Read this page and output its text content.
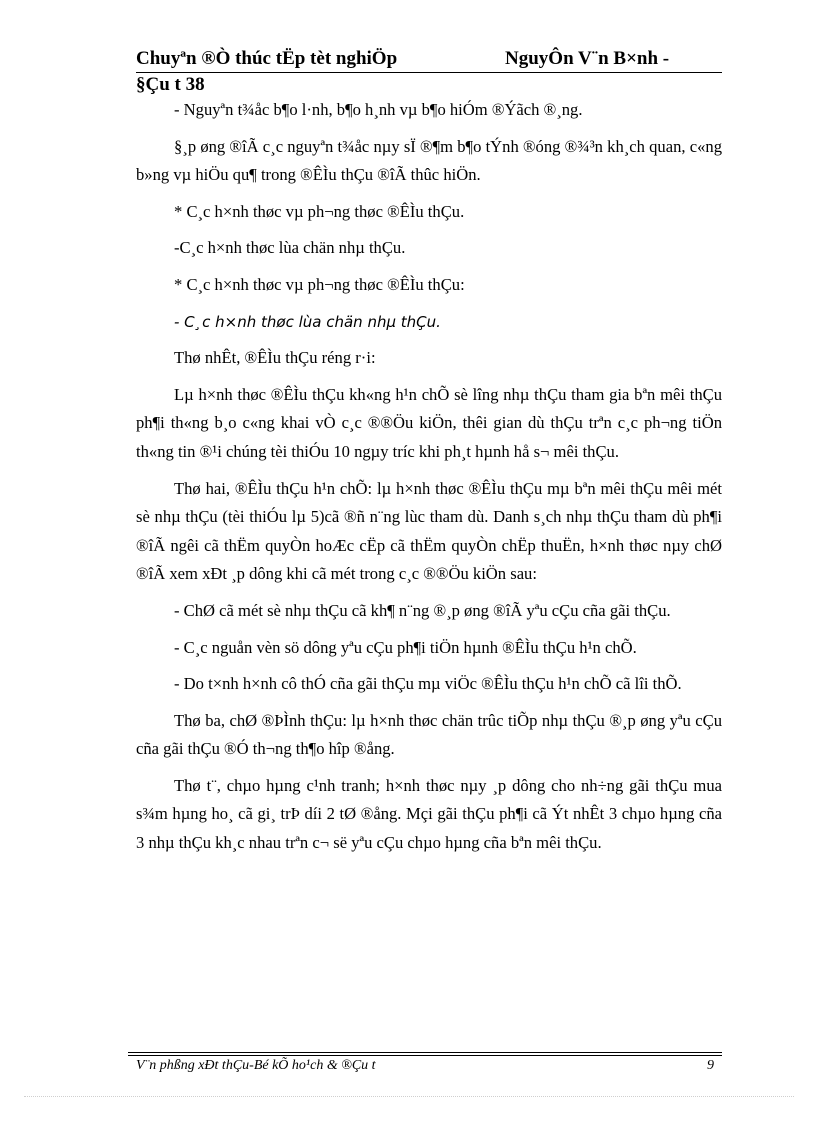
Chuyªn ®Ò thúc tËp tèt nghiÖp	NguyÔn V¨n B×nh -
§Çu t 38

- Nguyªn t¾åc b¶o l·nh, b¶o h¸nh vµ b¶o hiÓm ®Ýãch ®¸ng.

§¸p øng ®îÃ c¸c nguyªn t¾åc nµy sÏ ®¶m b¶o tÝnh ®óng ®¾³n kh¸ch quan, c«ng b»ng vµ hiÖu qu¶ trong ®ÊÌu thÇu ®îÃ thûc hiÖn.

* C¸c h×nh thøc vµ ph¬ng thøc ®ÊÌu thÇu.

-C¸c h×nh thøc lùa chän nhµ thÇu.

* C¸c h×nh thøc vµ ph¬ng thøc ®ÊÌu thÇu:

- C¸c h×nh thøc lùa chän nhµ thÇu.

Thø nhÊt, ®ÊÌu thÇu réng r·i:

Lµ h×nh thøc ®ÊÌu thÇu kh«ng h¹n chÕ sè lîng nhµ thÇu tham gia bªn mêi thÇu ph¶i th«ng b¸o c«ng khai vÒ c¸c ®®Öu kiÖn, thêi gian dù thÇu trªn c¸c ph¬ng tiÖn th«ng tin ®¹i chúng tèi thiÓu 10 ngµy tríc khi ph¸t hµnh hå s¬ mêi thÇu.

Thø hai, ®ÊÌu thÇu h¹n chÕ: lµ h×nh thøc ®ÊÌu thÇu mµ bªn mêi thÇu mêi mét sè nhµ thÇu (tèi thiÓu lµ 5)cã ®ñ n¨ng lùc tham dù. Danh s¸ch nhµ thÇu tham dù ph¶i ®îÃ ngêi cã thËm quyÒn hoÆc cËp cã thËm quyÒn chËp thuËn, h×nh thøc nµy chØ ®îÃ xem xÐt ¸p dông khi cã mét trong c¸c ®®Öu kiÖn sau:

- ChØ cã mét sè nhµ thÇu cã kh¶ n¨ng ®¸p øng ®îÃ yªu cÇu cña gãi thÇu.

- C¸c nguån vèn sö dông yªu cÇu ph¶i tiÖn hµnh ®ÊÌu thÇu h¹n chÕ.

- Do t×nh h×nh cô thÓ cña gãi thÇu mµ viÖc ®ÊÌu thÇu h¹n chÕ cã lîi thÕ.

Thø ba, chØ ®ÞÌnh thÇu: lµ h×nh thøc chän trûc tiÕp nhµ thÇu ®¸p øng yªu cÇu cña gãi thÇu ®Ó th¬ng th¶o hîp ®ång.

Thø t¨, chµo hµng c¹nh tranh; h×nh thøc nµy ¸p dông cho nh÷ng gãi thÇu mua s¾m hµng ho¸ cã gi¸ trÞ díi 2 tØ ®ång. Mçi gãi thÇu ph¶i cã Ýt nhÊt 3 chµo hµng cña 3 nhµ thÇu kh¸c nhau trªn c¬ së yªu cÇu chµo hµng cña bªn mêi thÇu.

V¨n phßng xÐt thÇu-Bé kÕ ho¹ch & ®Çu t	9
